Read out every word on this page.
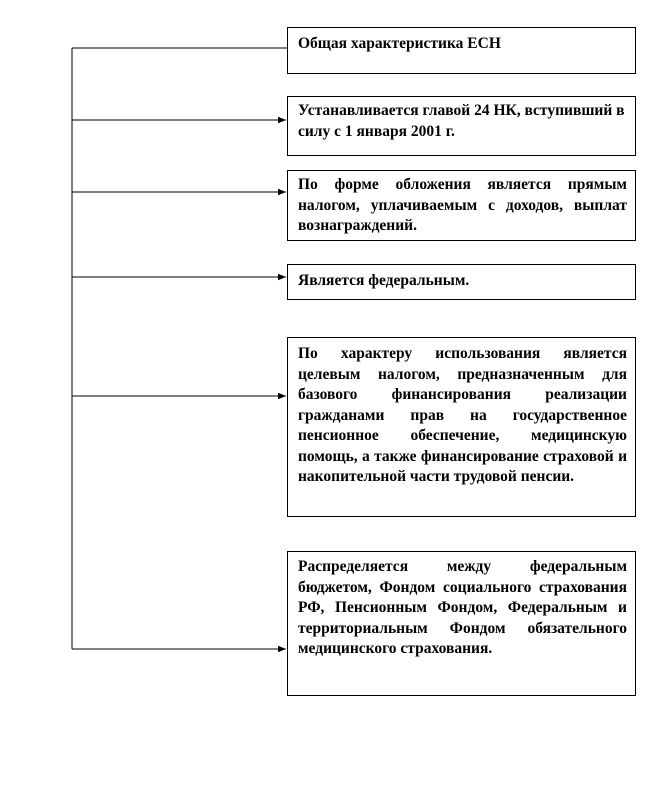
Общая характеристика ЕСН
Устанавливается главой 24 НК, вступивший в силу с 1 января 2001 г.
По форме обложения является прямым налогом, уплачиваемым с доходов, выплат вознаграждений.
Является федеральным.
По характеру использования является целевым налогом, предназначенным для базового финансирования реализации гражданами прав на государственное пенсионное обеспечение, медицинскую помощь, а также финансирование страховой и накопительной части трудовой пенсии.
Распределяется между федеральным бюджетом, Фондом социального страхования РФ, Пенсионным Фондом, Федеральным и территориальным Фондом обязательного медицинского страхования.
